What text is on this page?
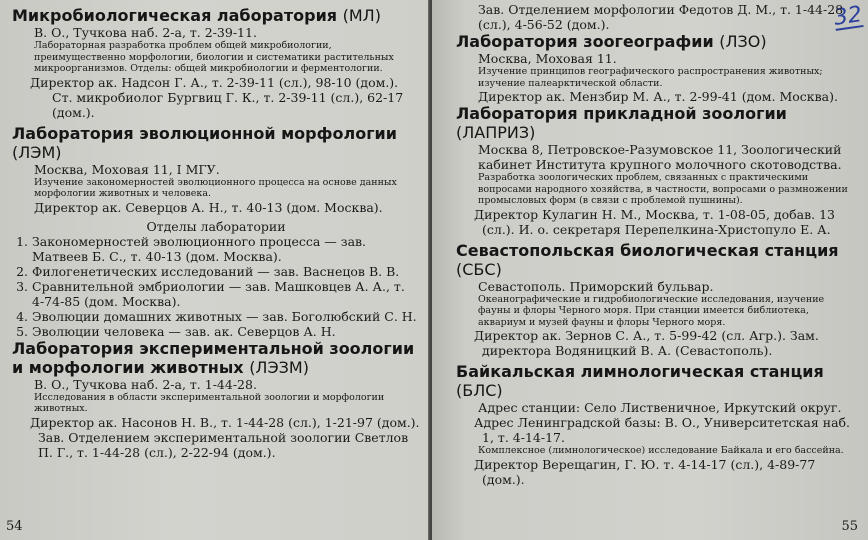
Микробиологическая лаборатория (МЛ)

В. О., Тучкова наб. 2-а, т. 2-39-11.

Лабораторная разработка проблем общей микробиологии, преимущественно морфологии, биологии и систематики растительных микроорганизмов. Отделы: общей микробиологии и ферментологии.

Директор ак. Надсон Г. А., т. 2-39-11 (сл.), 98-10 (дом.).

Ст. микробиолог Бургвиц Г. К., т. 2-39-11 (сл.), 62-17 (дом.).

Лаборатория эволюционной морфологии (ЛЭМ)

Москва, Моховая 11, I МГУ.

Изучение закономерностей эволюционного процесса на основе данных морфологии животных и человека.

Директор ак. Северцов А. Н., т. 40-13 (дом. Москва).

Отделы лаборатории

1. Закономерностей эволюционного процесса — зав. Матвеев Б. С., т. 40-13 (дом. Москва).
2. Филогенетических исследований — зав. Васнецов В. В.
3. Сравнительной эмбриологии — зав. Машковцев А. А., т. 4-74-85 (дом. Москва).
4. Эволюции домашних животных — зав. Боголюбский С. Н.
5. Эволюции человека — зав. ак. Северцов А. Н.

Лаборатория экспериментальной зоологии и морфологии животных (ЛЭЗМ)

В. О., Тучкова наб. 2-а, т. 1-44-28.

Исследования в области экспериментальной зоологии и морфологии животных.

Директор ак. Насонов Н. В., т. 1-44-28 (сл.), 1-21-97 (дом.). Зав. Отделением экспериментальной зоологии Светлов П. Г., т. 1-44-28 (сл.), 2-22-94 (дом.).

54
32

Зав. Отделением морфологии Федотов Д. М., т. 1-44-28 (сл.), 4-56-52 (дом.).

Лаборатория зоогеографии (ЛЗО)

Москва, Моховая 11.

Изучение принципов географического распространения животных; изучение палеарктической области.

Директор ак. Мензбир М. А., т. 2-99-41 (дом. Москва).

Лаборатория прикладной зоологии (ЛАПРИЗ)

Москва 8, Петровское-Разумовское 11, Зоологический кабинет Института крупного молочного скотоводства.

Разработка зоологических проблем, связанных с практическими вопросами народного хозяйства, в частности, вопросами о размножении промысловых форм (в связи с проблемой пушнины).

Директор Кулагин Н. М., Москва, т. 1-08-05, добав. 13 (сл.). И. о. секретаря Перепелкина-Христопуло Е. А.

Севастопольская биологическая станция (СБС)

Севастополь. Приморский бульвар.

Океанографические и гидробиологические исследования, изучение фауны и флоры Черного моря. При станции имеется библиотека, аквариум и музей фауны и флоры Черного моря.

Директор ак. Зернов С. А., т. 5-99-42 (сл. Агр.). Зам. директора Водяницкий В. А. (Севастополь).

Байкальская лимнологическая станция (БЛС)

Адрес станции: Село Лиственичное, Иркутский округ.

Адрес Ленинградской базы: В. О., Университетская наб. 1, т. 4-14-17.

Комплексное (лимнологическое) исследование Байкала и его бассейна.

Директор Верещагин, Г. Ю. т. 4-14-17 (сл.), 4-89-77 (дом.).

55
